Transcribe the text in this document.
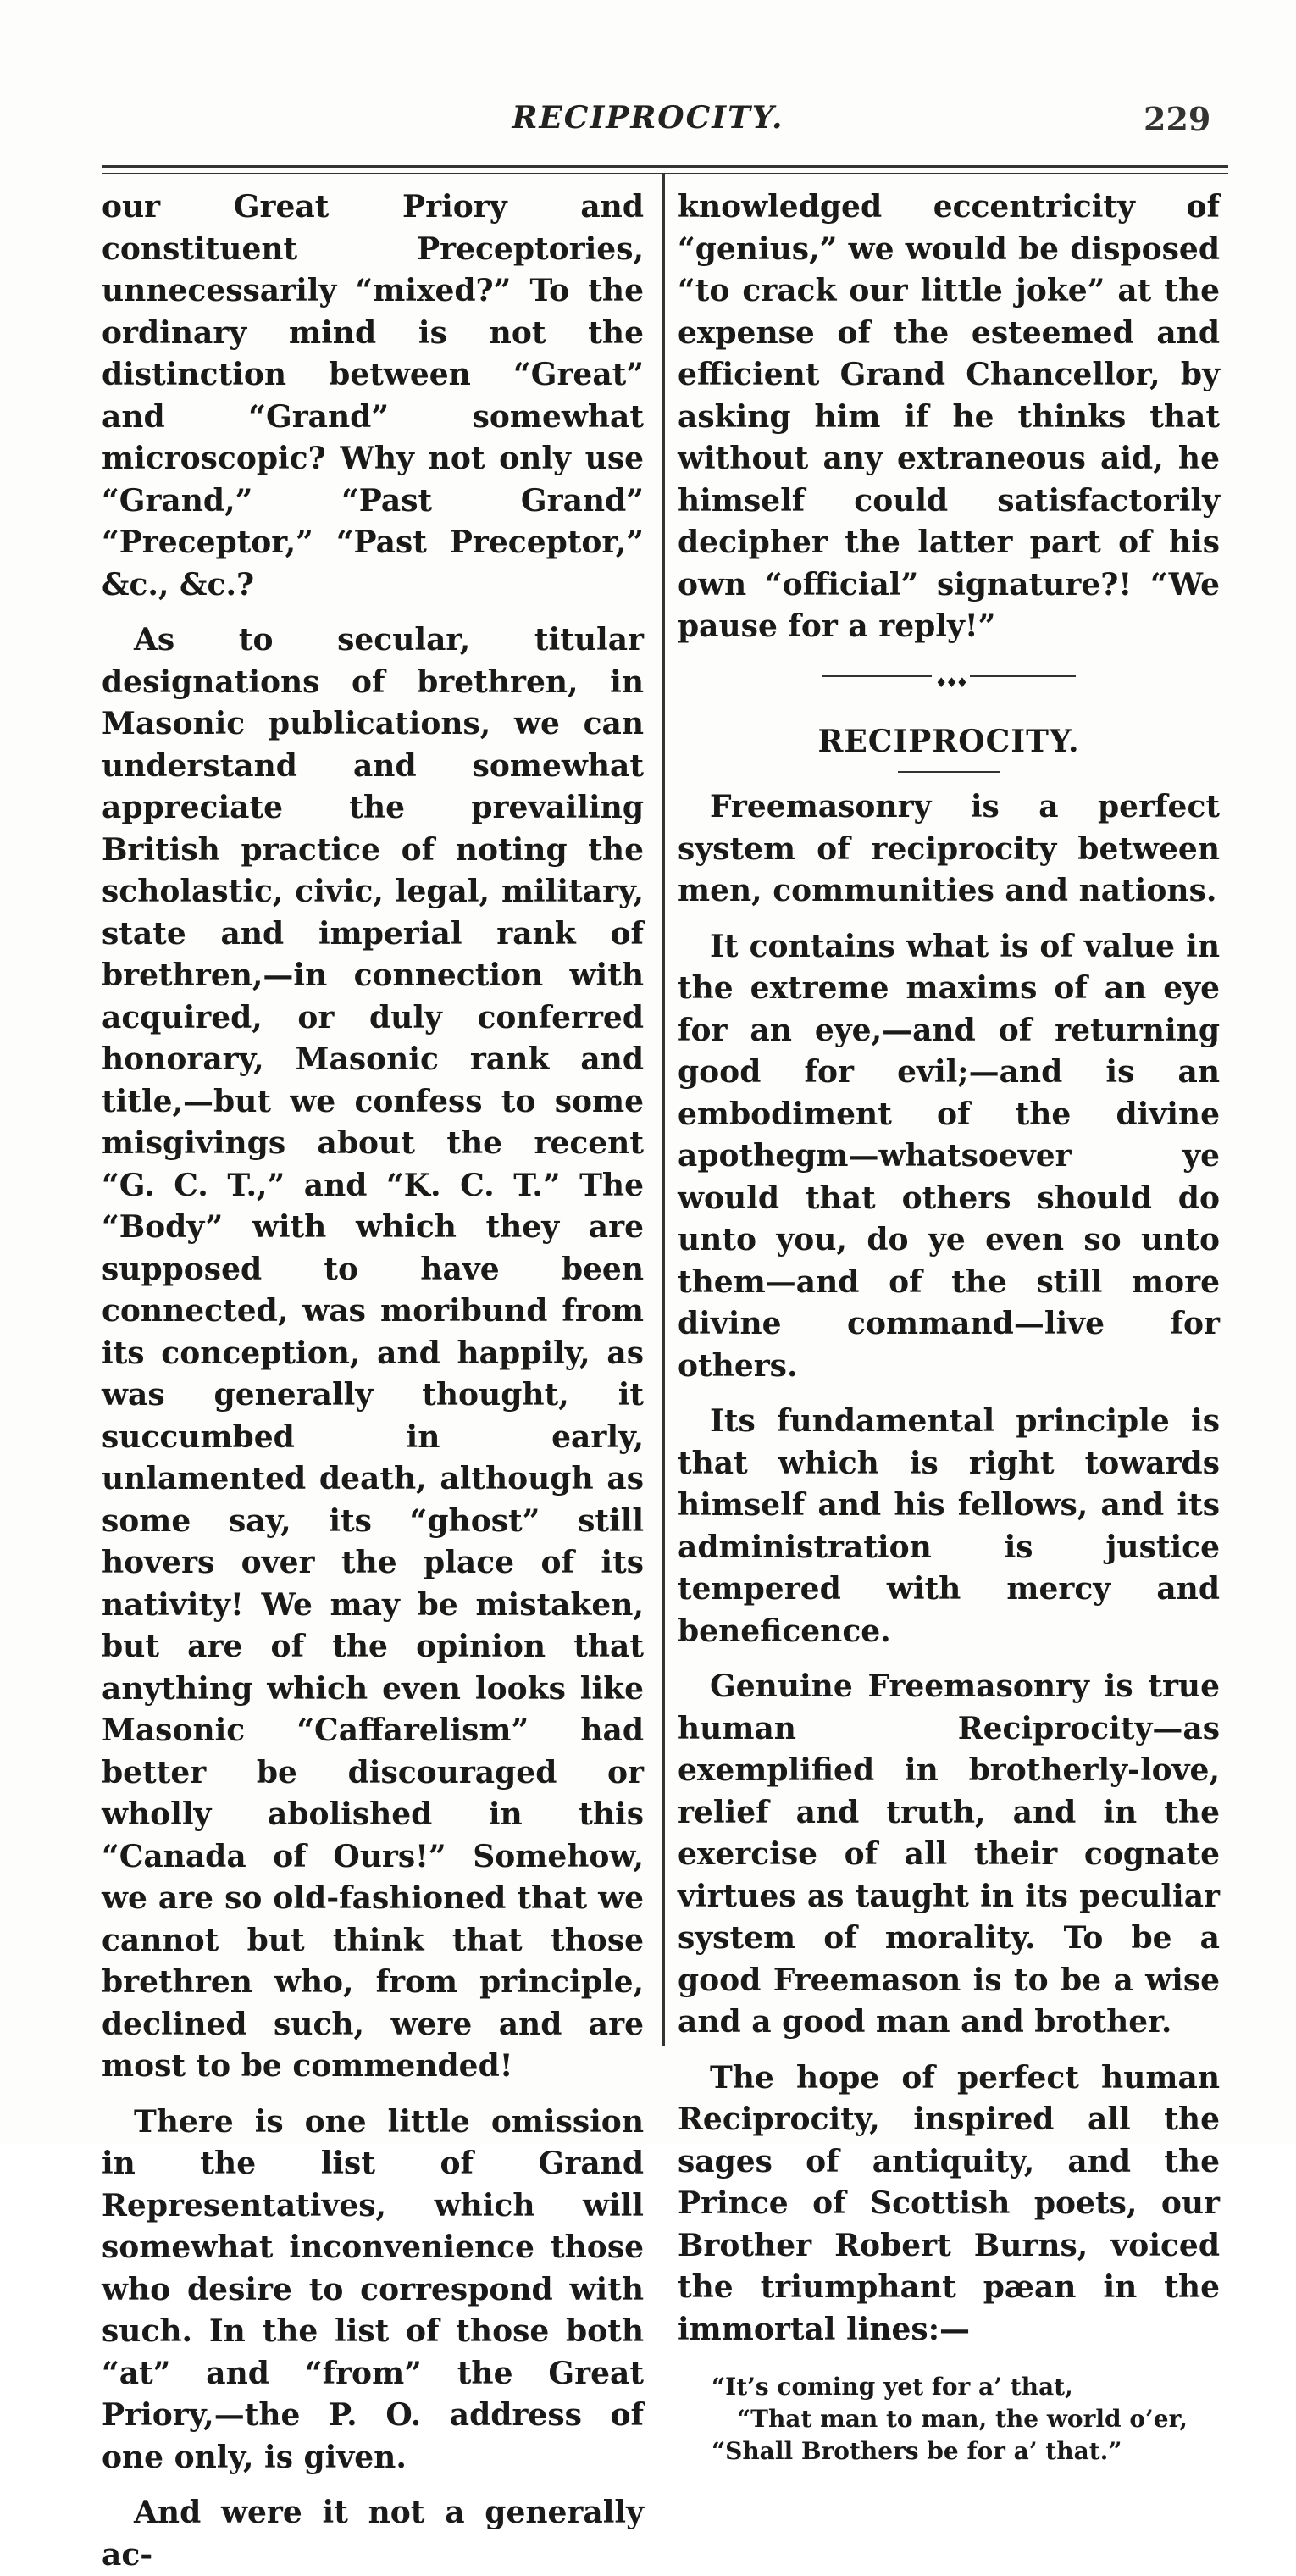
RECIPROCITY.	229

our Great Priory and constituent Preceptories, unnecessarily “mixed?” To the ordinary mind is not the distinction between “Great” and “Grand” somewhat microscopic? Why not only use “Grand,” “Past Grand” “Preceptor,” “Past Preceptor,” &c., &c.?

As to secular, titular designations of brethren, in Masonic publications, we can understand and somewhat appreciate the prevailing British practice of noting the scholastic, civic, legal, military, state and imperial rank of brethren,—in connection with acquired, or duly conferred honorary, Masonic rank and title,—but we confess to some misgivings about the recent “G. C. T.,” and “K. C. T.” The “Body” with which they are supposed to have been connected, was moribund from its conception, and happily, as was generally thought, it succumbed in early, unlamented death, although as some say, its “ghost” still hovers over the place of its nativity! We may be mistaken, but are of the opinion that anything which even looks like Masonic “Caffarelism” had better be discouraged or wholly abolished in this “Canada of Ours!” Somehow, we are so old-fashioned that we cannot but think that those brethren who, from principle, declined such, were and are most to be commended!

There is one little omission in the list of Grand Representatives, which will somewhat inconvenience those who desire to correspond with such. In the list of those both “at” and “from” the Great Priory,—the P. O. address of one only, is given.

And were it not a generally ac-

knowledged eccentricity of “genius,” we would be disposed “to crack our little joke” at the expense of the esteemed and efficient Grand Chancellor, by asking him if he thinks that without any extraneous aid, he himself could satisfactorily decipher the latter part of his own “official” signature?! “We pause for a reply!”

♦♦♦
RECIPROCITY.

Freemasonry is a perfect system of reciprocity between men, communities and nations.

It contains what is of value in the extreme maxims of an eye for an eye,—and of returning good for evil;—and is an embodiment of the divine apothegm—whatsoever ye would that others should do unto you, do ye even so unto them—and of the still more divine command—live for others.

Its fundamental principle is that which is right towards himself and his fellows, and its administration is justice tempered with mercy and beneficence.

Genuine Freemasonry is true human Reciprocity—as exemplified in brotherly-love, relief and truth, and in the exercise of all their cognate virtues as taught in its peculiar system of morality. To be a good Freemason is to be a wise and a good man and brother.

The hope of perfect human Reciprocity, inspired all the sages of antiquity, and the Prince of Scottish poets, our Brother Robert Burns, voiced the triumphant pæan in the immortal lines:—

“It’s coming yet for a’ that,
“That man to man, the world o’er,
“Shall Brothers be for a’ that.”
